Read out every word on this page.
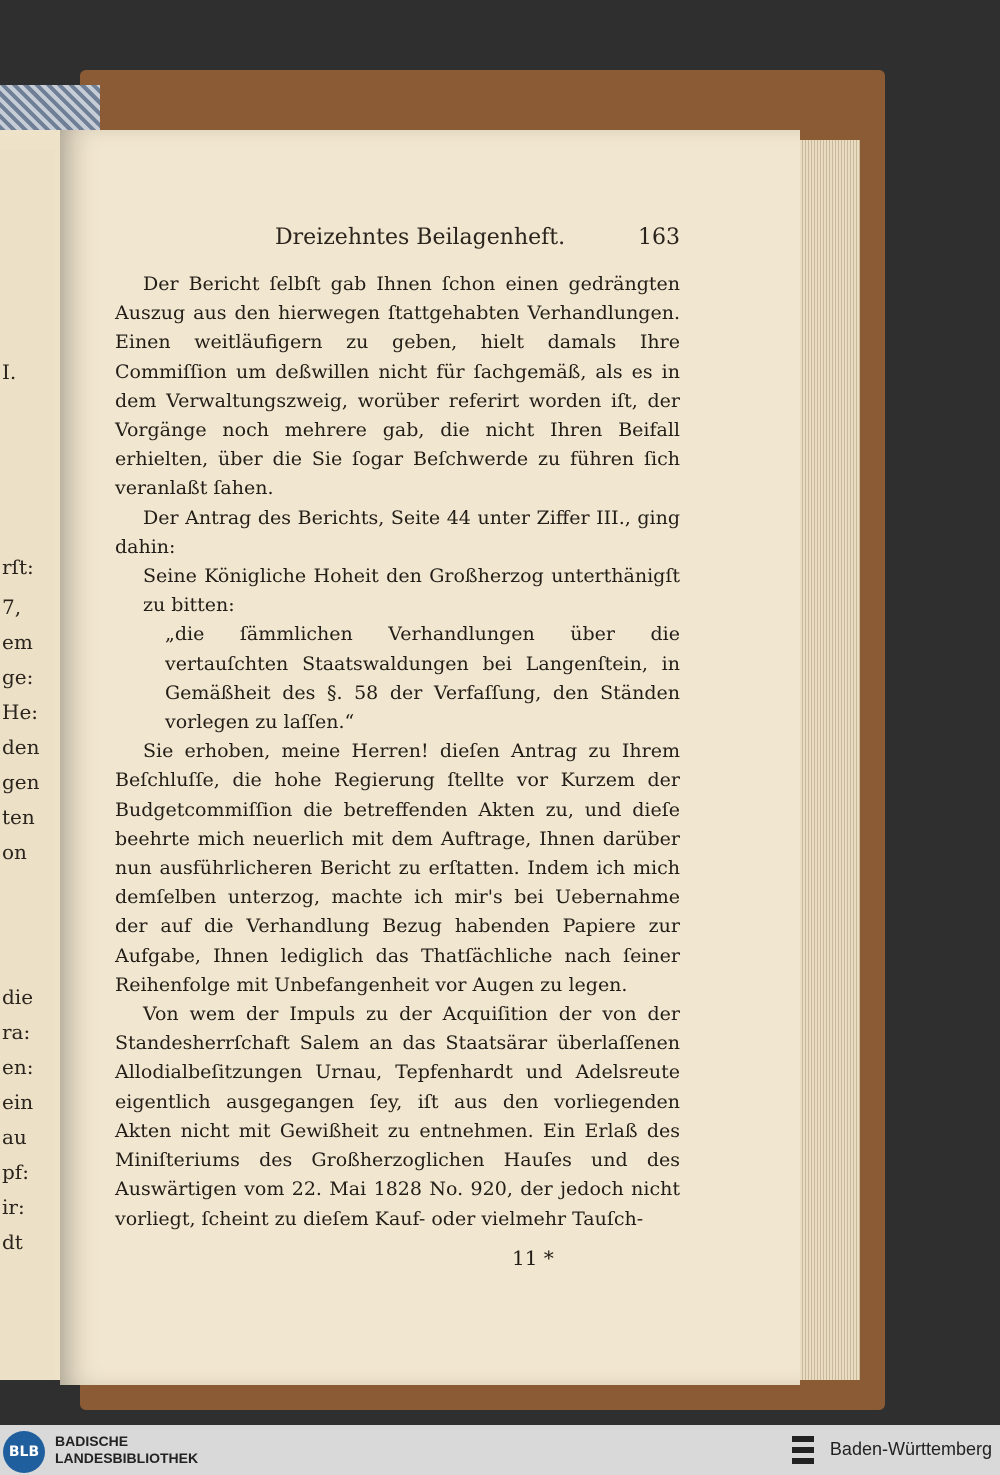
I.
rſt:
7,
em
ge:
He:
den
gen
ten
on
die
ra:
en:
ein
au
pf:
ir:
dt
Dreizehntes Beilagenheft.	163

Der Bericht ſelbſt gab Ihnen ſchon einen gedrängten Auszug aus den hierwegen ſtattgehabten Verhandlungen. Einen weitläufigern zu geben, hielt damals Ihre Commiſſion um deßwillen nicht für ſachgemäß, als es in dem Verwaltungszweig, worüber referirt worden iſt, der Vorgänge noch mehrere gab, die nicht Ihren Beifall erhielten, über die Sie ſogar Beſchwerde zu führen ſich veranlaßt ſahen.

Der Antrag des Berichts, Seite 44 unter Ziffer III., ging dahin:

Seine Königliche Hoheit den Großherzog unterthänigſt zu bitten:

„die ſämmlichen Verhandlungen über die vertauſchten Staatswaldungen bei Langenſtein, in Gemäßheit des §. 58 der Verfaſſung, den Ständen vorlegen zu laſſen.“

Sie erhoben, meine Herren! dieſen Antrag zu Ihrem Beſchluſſe, die hohe Regierung ſtellte vor Kurzem der Budgetcommiſſion die betreffenden Akten zu, und dieſe beehrte mich neuerlich mit dem Auftrage, Ihnen darüber nun ausführlicheren Bericht zu erſtatten. Indem ich mich demſelben unterzog, machte ich mir's bei Uebernahme der auf die Verhandlung Bezug habenden Papiere zur Aufgabe, Ihnen lediglich das Thatſächliche nach ſeiner Reihenfolge mit Unbefangenheit vor Augen zu legen.

Von wem der Impuls zu der Acquiſition der von der Standesherrſchaft Salem an das Staatsärar überlaſſenen Allodialbeſitzungen Urnau, Tepfenhardt und Adelsreute eigentlich ausgegangen ſey, iſt aus den vorliegenden Akten nicht mit Gewißheit zu entnehmen. Ein Erlaß des Miniſteriums des Großherzoglichen Hauſes und des Auswärtigen vom 22. Mai 1828 No. 920, der jedoch nicht vorliegt, ſcheint zu dieſem Kauf- oder vielmehr Tauſch-

11 *
BLB
BADISCHE
LANDESBIBLIOTHEK	Baden-Württemberg
